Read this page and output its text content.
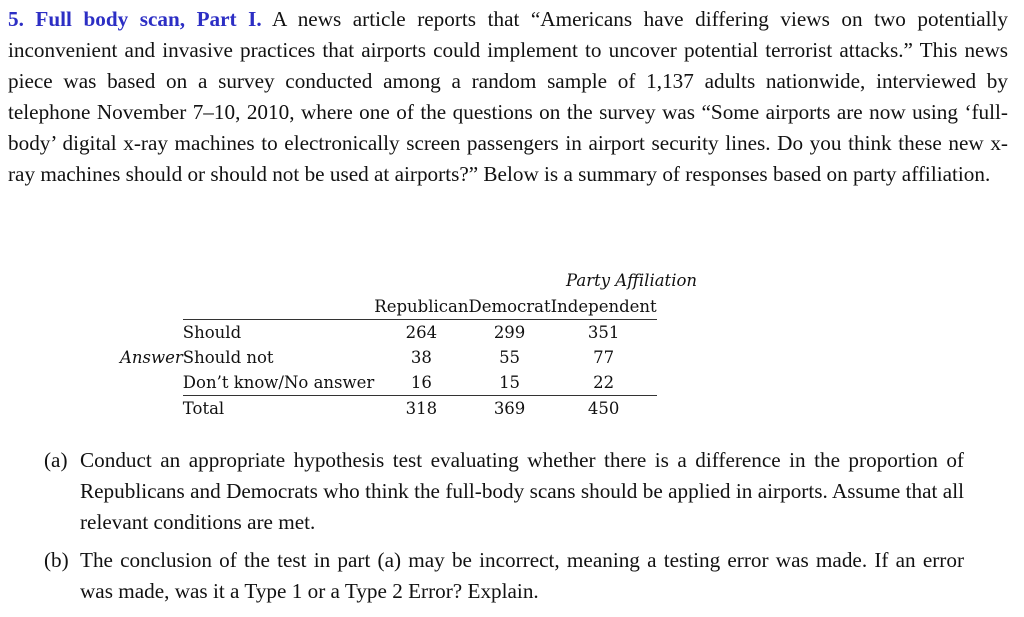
5. Full body scan, Part I. A news article reports that “Americans have differing views on two potentially inconvenient and invasive practices that airports could implement to uncover potential terrorist attacks.” This news piece was based on a survey conducted among a random sample of 1,137 adults nationwide, interviewed by telephone November 7–10, 2010, where one of the questions on the survey was “Some airports are now using ‘full-body’ digital x-ray machines to electronically screen passengers in airport security lines. Do you think these new x-ray machines should or should not be used at airports?” Below is a summary of responses based on party affiliation.

Party Affiliation
		Republican	Democrat	Independent
	Should	264	299	351
Answer	Should not	38	55	77
	Don’t know/No answer	16	15	22
	Total	318	369	450
(a) Conduct an appropriate hypothesis test evaluating whether there is a difference in the proportion of Republicans and Democrats who think the full-body scans should be applied in airports. Assume that all relevant conditions are met.
(b) The conclusion of the test in part (a) may be incorrect, meaning a testing error was made. If an error was made, was it a Type 1 or a Type 2 Error? Explain.
